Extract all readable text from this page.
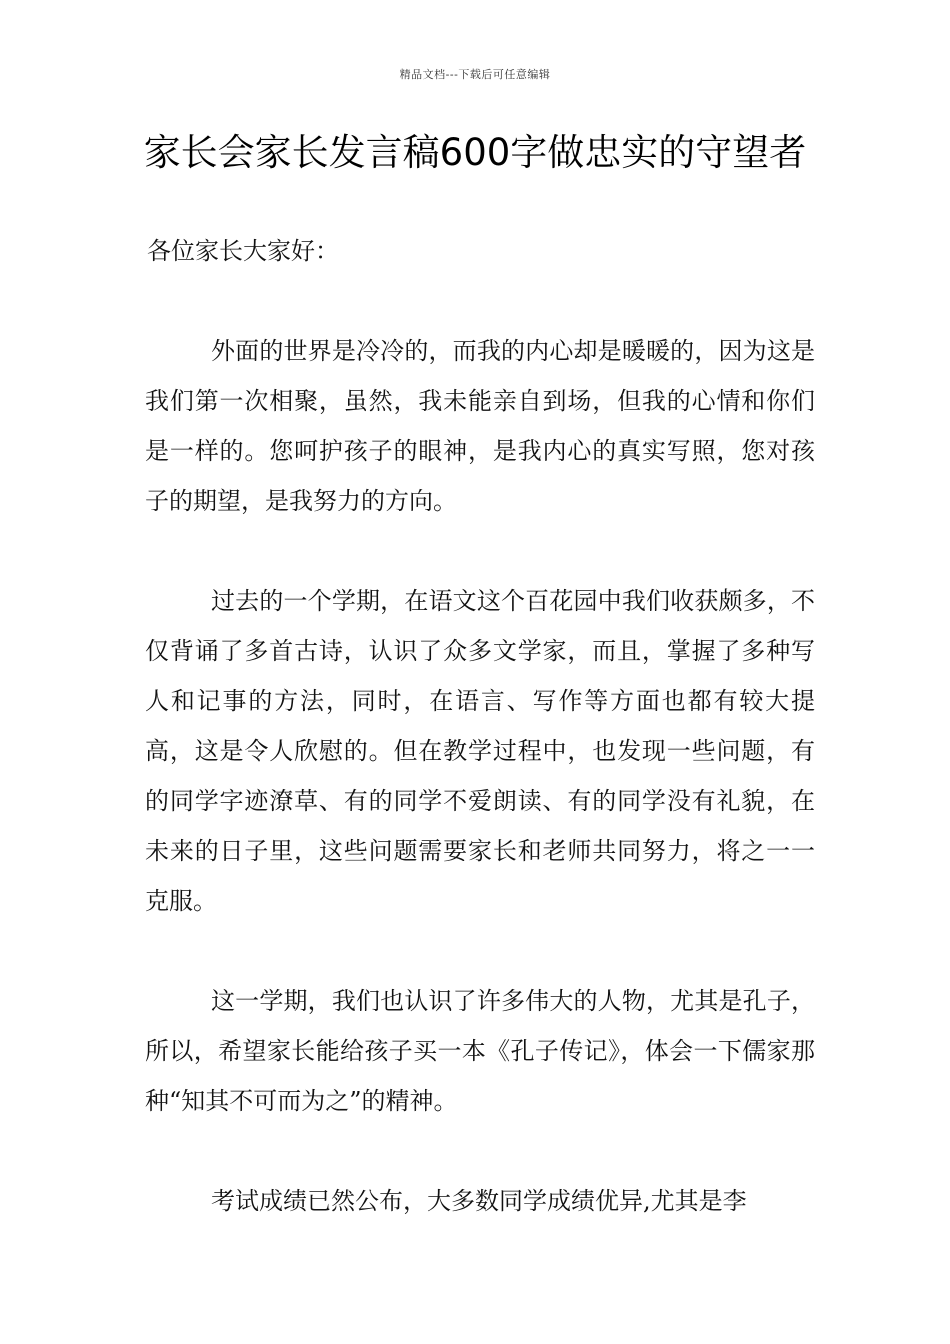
精品文档---下载后可任意编辑
家长会家长发言稿600字做忠实的守望者

各位家长大家好：

外面的世界是冷冷的，而我的内心却是暖暖的，因为这是我们第一次相聚，虽然，我未能亲自到场，但我的心情和你们是一样的。您呵护孩子的眼神，是我内心的真实写照，您对孩子的期望，是我努力的方向。

过去的一个学期，在语文这个百花园中我们收获颇多，不仅背诵了多首古诗，认识了众多文学家，而且，掌握了多种写人和记事的方法，同时，在语言、写作等方面也都有较大提高，这是令人欣慰的。但在教学过程中，也发现一些问题，有的同学字迹潦草、有的同学不爱朗读、有的同学没有礼貌，在未来的日子里，这些问题需要家长和老师共同努力，将之一一克服。

这一学期，我们也认识了许多伟大的人物，尤其是孔子，所以，希望家长能给孩子买一本《孔子传记》，体会一下儒家那种“知其不可而为之”的精神。

考试成绩已然公布，大多数同学成绩优异,尤其是李
